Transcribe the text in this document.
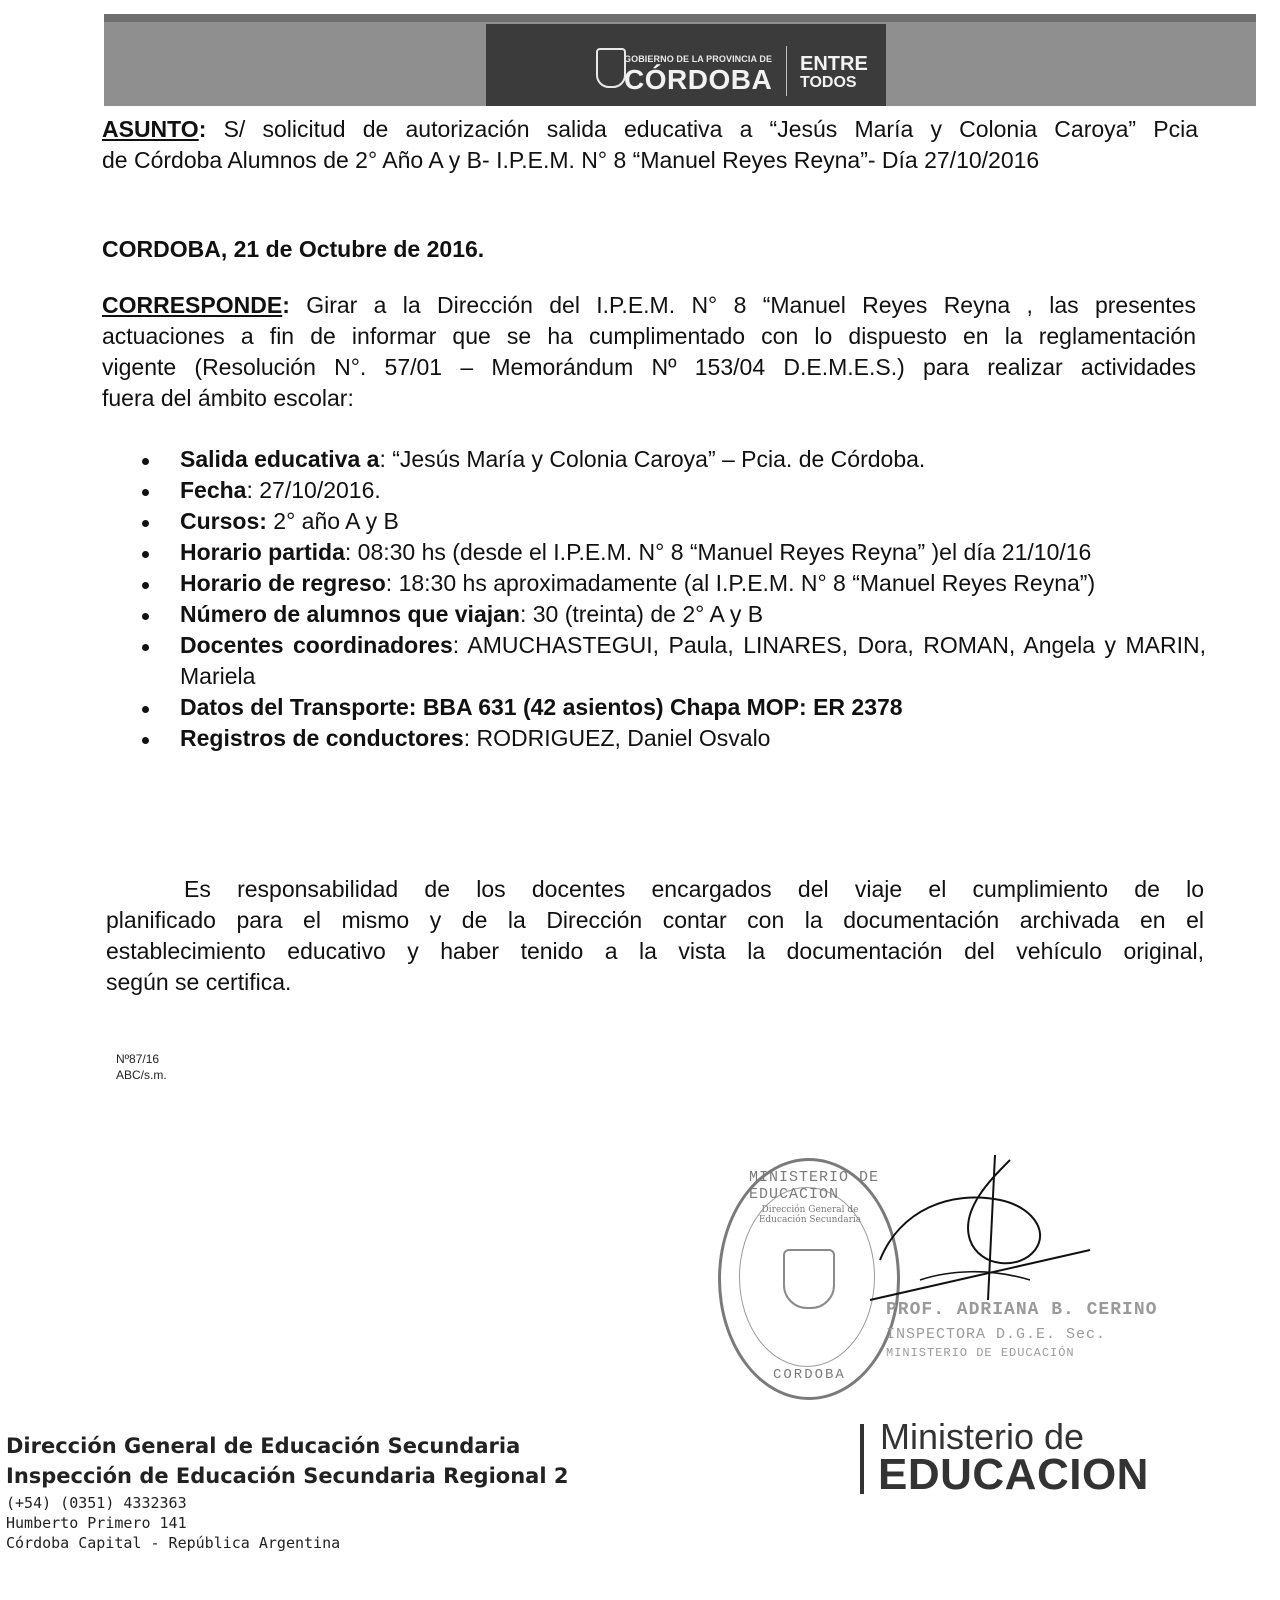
GOBIERNO DE LA PROVINCIA DE
CÓRDOBA ENTRE
TODOS
ASUNTO: S/ solicitud de autorización salida educativa a “Jesús María y Colonia Caroya” Pcia
de Córdoba Alumnos de 2° Año A y B- I.P.E.M. N° 8 “Manuel Reyes Reyna”- Día 27/10/2016
CORDOBA, 21 de Octubre de 2016.
CORRESPONDE: Girar a la Dirección del I.P.E.M. N° 8 “Manuel Reyes Reyna , las presentes
actuaciones a fin de informar que se ha cumplimentado con lo dispuesto en la reglamentación
vigente (Resolución N°. 57/01 – Memorándum Nº 153/04 D.E.M.E.S.) para realizar actividades
fuera del ámbito escolar:
Salida educativa a: “Jesús María y Colonia Caroya” – Pcia. de Córdoba.
Fecha: 27/10/2016.
Cursos: 2° año A y B
Horario partida: 08:30 hs (desde el I.P.E.M. N° 8 “Manuel Reyes Reyna” )el día 21/10/16
Horario de regreso: 18:30 hs aproximadamente (al I.P.E.M. N° 8 “Manuel Reyes Reyna”)
Número de alumnos que viajan: 30 (treinta) de 2° A y B
Docentes coordinadores: AMUCHASTEGUI, Paula, LINARES, Dora, ROMAN, Angela y MARIN, Mariela
Datos del Transporte: BBA 631 (42 asientos) Chapa MOP: ER 2378
Registros de conductores: RODRIGUEZ, Daniel Osvalo
Es responsabilidad de los docentes encargados del viaje el cumplimiento de lo
planificado para el mismo y de la Dirección contar con la documentación archivada en el
establecimiento educativo y haber tenido a la vista la documentación del vehículo original,
según se certifica.
Nº87/16
ABC/s.m.
MINISTERIO DE EDUCACION
Dirección General de Educación Secundaria
CORDOBA
PROF. ADRIANA B. CERINO
INSPECTORA D.G.E. Sec.
MINISTERIO DE EDUCACIÓN
Dirección General de Educación Secundaria
Inspección de Educación Secundaria Regional 2
(+54) (0351) 4332363
Humberto Primero 141
Córdoba Capital - República Argentina
Ministerio de
EDUCACION
